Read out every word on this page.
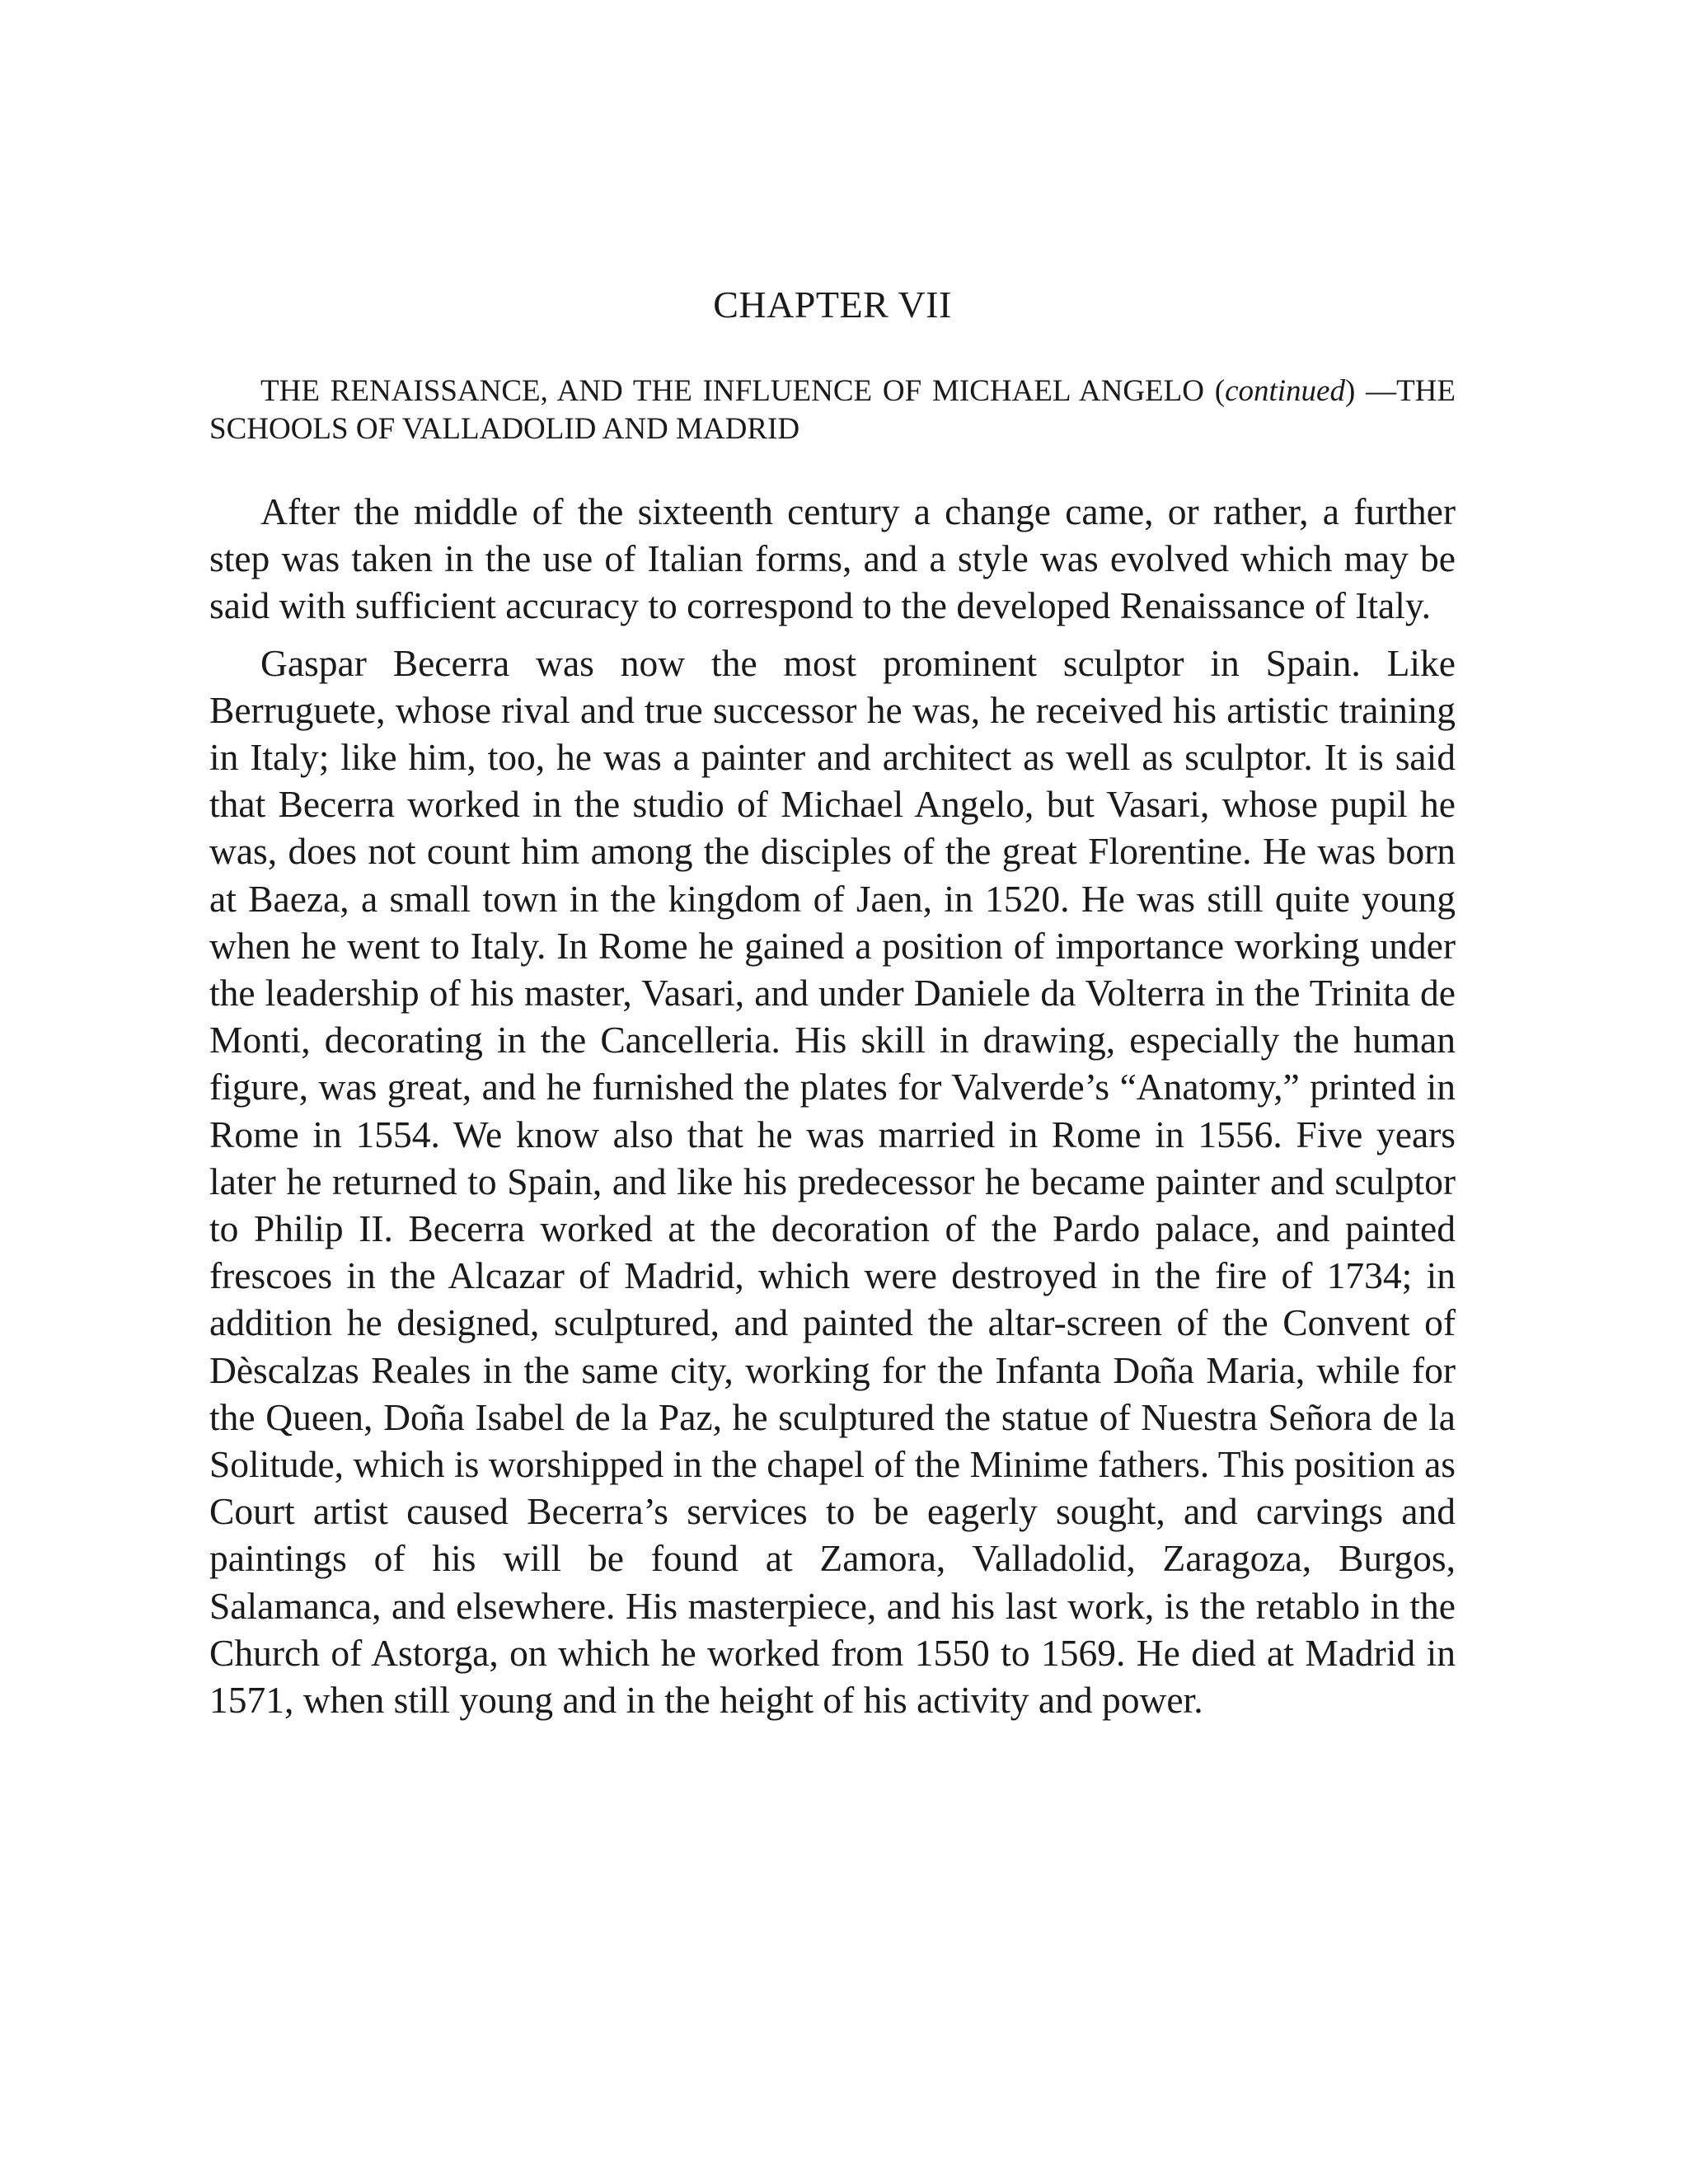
CHAPTER VII
THE RENAISSANCE, AND THE INFLUENCE OF MICHAEL ANGELO (continued) —THE SCHOOLS OF VALLADOLID AND MADRID

After the middle of the sixteenth century a change came, or rather, a further step was taken in the use of Italian forms, and a style was evolved which may be said with sufficient accuracy to correspond to the developed Renaissance of Italy.

Gaspar Becerra was now the most prominent sculptor in Spain. Like Berruguete, whose rival and true successor he was, he received his artistic training in Italy; like him, too, he was a painter and architect as well as sculptor. It is said that Becerra worked in the studio of Michael Angelo, but Vasari, whose pupil he was, does not count him among the disciples of the great Florentine. He was born at Baeza, a small town in the kingdom of Jaen, in 1520. He was still quite young when he went to Italy. In Rome he gained a position of importance working under the leadership of his master, Vasari, and under Daniele da Volterra in the Trinita de Monti, decorating in the Cancelleria. His skill in drawing, especially the human figure, was great, and he furnished the plates for Valverde’s “Anatomy,” printed in Rome in 1554. We know also that he was married in Rome in 1556. Five years later he returned to Spain, and like his predecessor he became painter and sculptor to Philip II. Becerra worked at the decoration of the Pardo palace, and painted frescoes in the Alcazar of Madrid, which were destroyed in the fire of 1734; in addition he designed, sculptured, and painted the altar-screen of the Convent of Dèscalzas Reales in the same city, working for the Infanta Doña Maria, while for the Queen, Doña Isabel de la Paz, he sculptured the statue of Nuestra Señora de la Solitude, which is worshipped in the chapel of the Minime fathers. This position as Court artist caused Becerra’s services to be eagerly sought, and carvings and paintings of his will be found at Zamora, Valladolid, Zaragoza, Burgos, Salamanca, and elsewhere. His masterpiece, and his last work, is the retablo in the Church of Astorga, on which he worked from 1550 to 1569. He died at Madrid in 1571, when still young and in the height of his activity and power.
